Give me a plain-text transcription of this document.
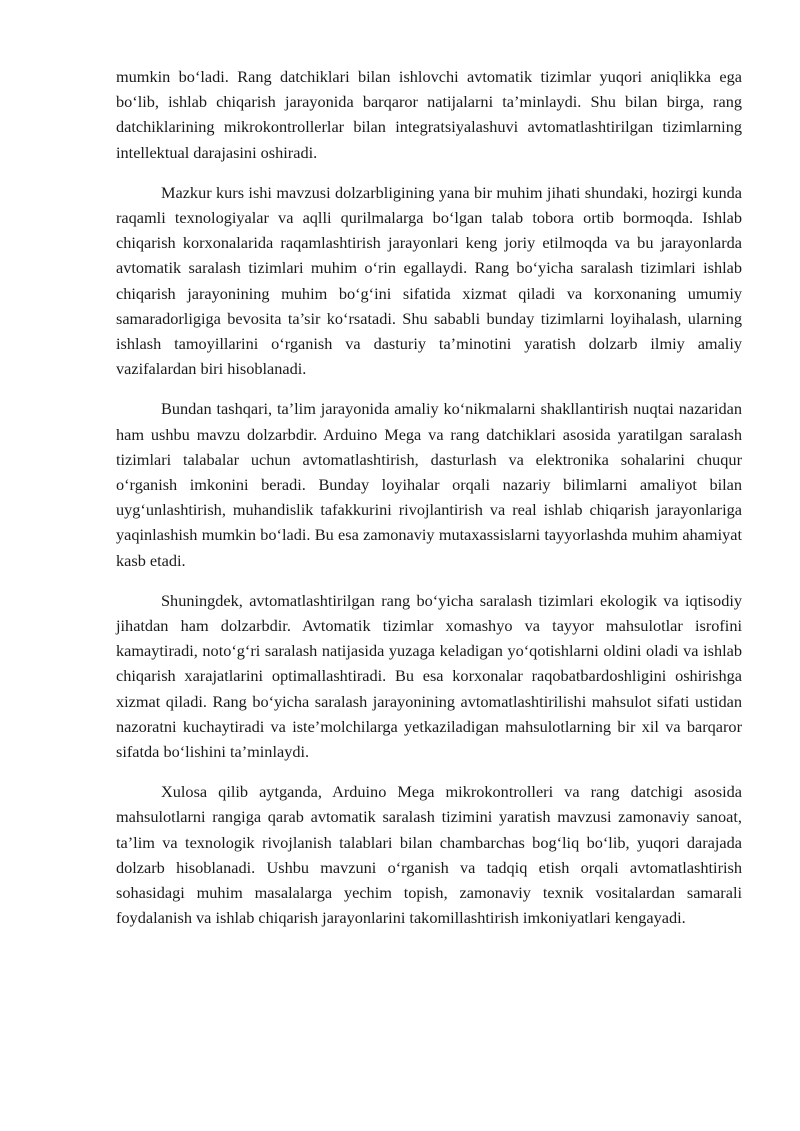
mumkin bo‘ladi. Rang datchiklari bilan ishlovchi avtomatik tizimlar yuqori aniqlikka ega bo‘lib, ishlab chiqarish jarayonida barqaror natijalarni ta’minlaydi. Shu bilan birga, rang datchiklarining mikrokontrollerlar bilan integratsiyalashuvi avtomatlashtirilgan tizimlarning intellektual darajasini oshiradi.

Mazkur kurs ishi mavzusi dolzarbligining yana bir muhim jihati shundaki, hozirgi kunda raqamli texnologiyalar va aqlli qurilmalarga bo‘lgan talab tobora ortib bormoqda. Ishlab chiqarish korxonalarida raqamlashtirish jarayonlari keng joriy etilmoqda va bu jarayonlarda avtomatik saralash tizimlari muhim o‘rin egallaydi. Rang bo‘yicha saralash tizimlari ishlab chiqarish jarayonining muhim bo‘g‘ini sifatida xizmat qiladi va korxonaning umumiy samaradorligiga bevosita ta’sir ko‘rsatadi. Shu sababli bunday tizimlarni loyihalash, ularning ishlash tamoyillarini o‘rganish va dasturiy ta’minotini yaratish dolzarb ilmiy amaliy vazifalardan biri hisoblanadi.

Bundan tashqari, ta’lim jarayonida amaliy ko‘nikmalarni shakllantirish nuqtai nazaridan ham ushbu mavzu dolzarbdir. Arduino Mega va rang datchiklari asosida yaratilgan saralash tizimlari talabalar uchun avtomatlashtirish, dasturlash va elektronika sohalarini chuqur o‘rganish imkonini beradi. Bunday loyihalar orqali nazariy bilimlarni amaliyot bilan uyg‘unlashtirish, muhandislik tafakkurini rivojlantirish va real ishlab chiqarish jarayonlariga yaqinlashish mumkin bo‘ladi. Bu esa zamonaviy mutaxassislarni tayyorlashda muhim ahamiyat kasb etadi.

Shuningdek, avtomatlashtirilgan rang bo‘yicha saralash tizimlari ekologik va iqtisodiy jihatdan ham dolzarbdir. Avtomatik tizimlar xomashyo va tayyor mahsulotlar isrofini kamaytiradi, noto‘g‘ri saralash natijasida yuzaga keladigan yo‘qotishlarni oldini oladi va ishlab chiqarish xarajatlarini optimallashtiradi. Bu esa korxonalar raqobatbardoshligini oshirishga xizmat qiladi. Rang bo‘yicha saralash jarayonining avtomatlashtirilishi mahsulot sifati ustidan nazoratni kuchaytiradi va iste’molchilarga yetkaziladigan mahsulotlarning bir xil va barqaror sifatda bo‘lishini ta’minlaydi.

Xulosa qilib aytganda, Arduino Mega mikrokontrolleri va rang datchigi asosida mahsulotlarni rangiga qarab avtomatik saralash tizimini yaratish mavzusi zamonaviy sanoat, ta’lim va texnologik rivojlanish talablari bilan chambarchas bog‘liq bo‘lib, yuqori darajada dolzarb hisoblanadi. Ushbu mavzuni o‘rganish va tadqiq etish orqali avtomatlashtirish sohasidagi muhim masalalarga yechim topish, zamonaviy texnik vositalardan samarali foydalanish va ishlab chiqarish jarayonlarini takomillashtirish imkoniyatlari kengayadi.
